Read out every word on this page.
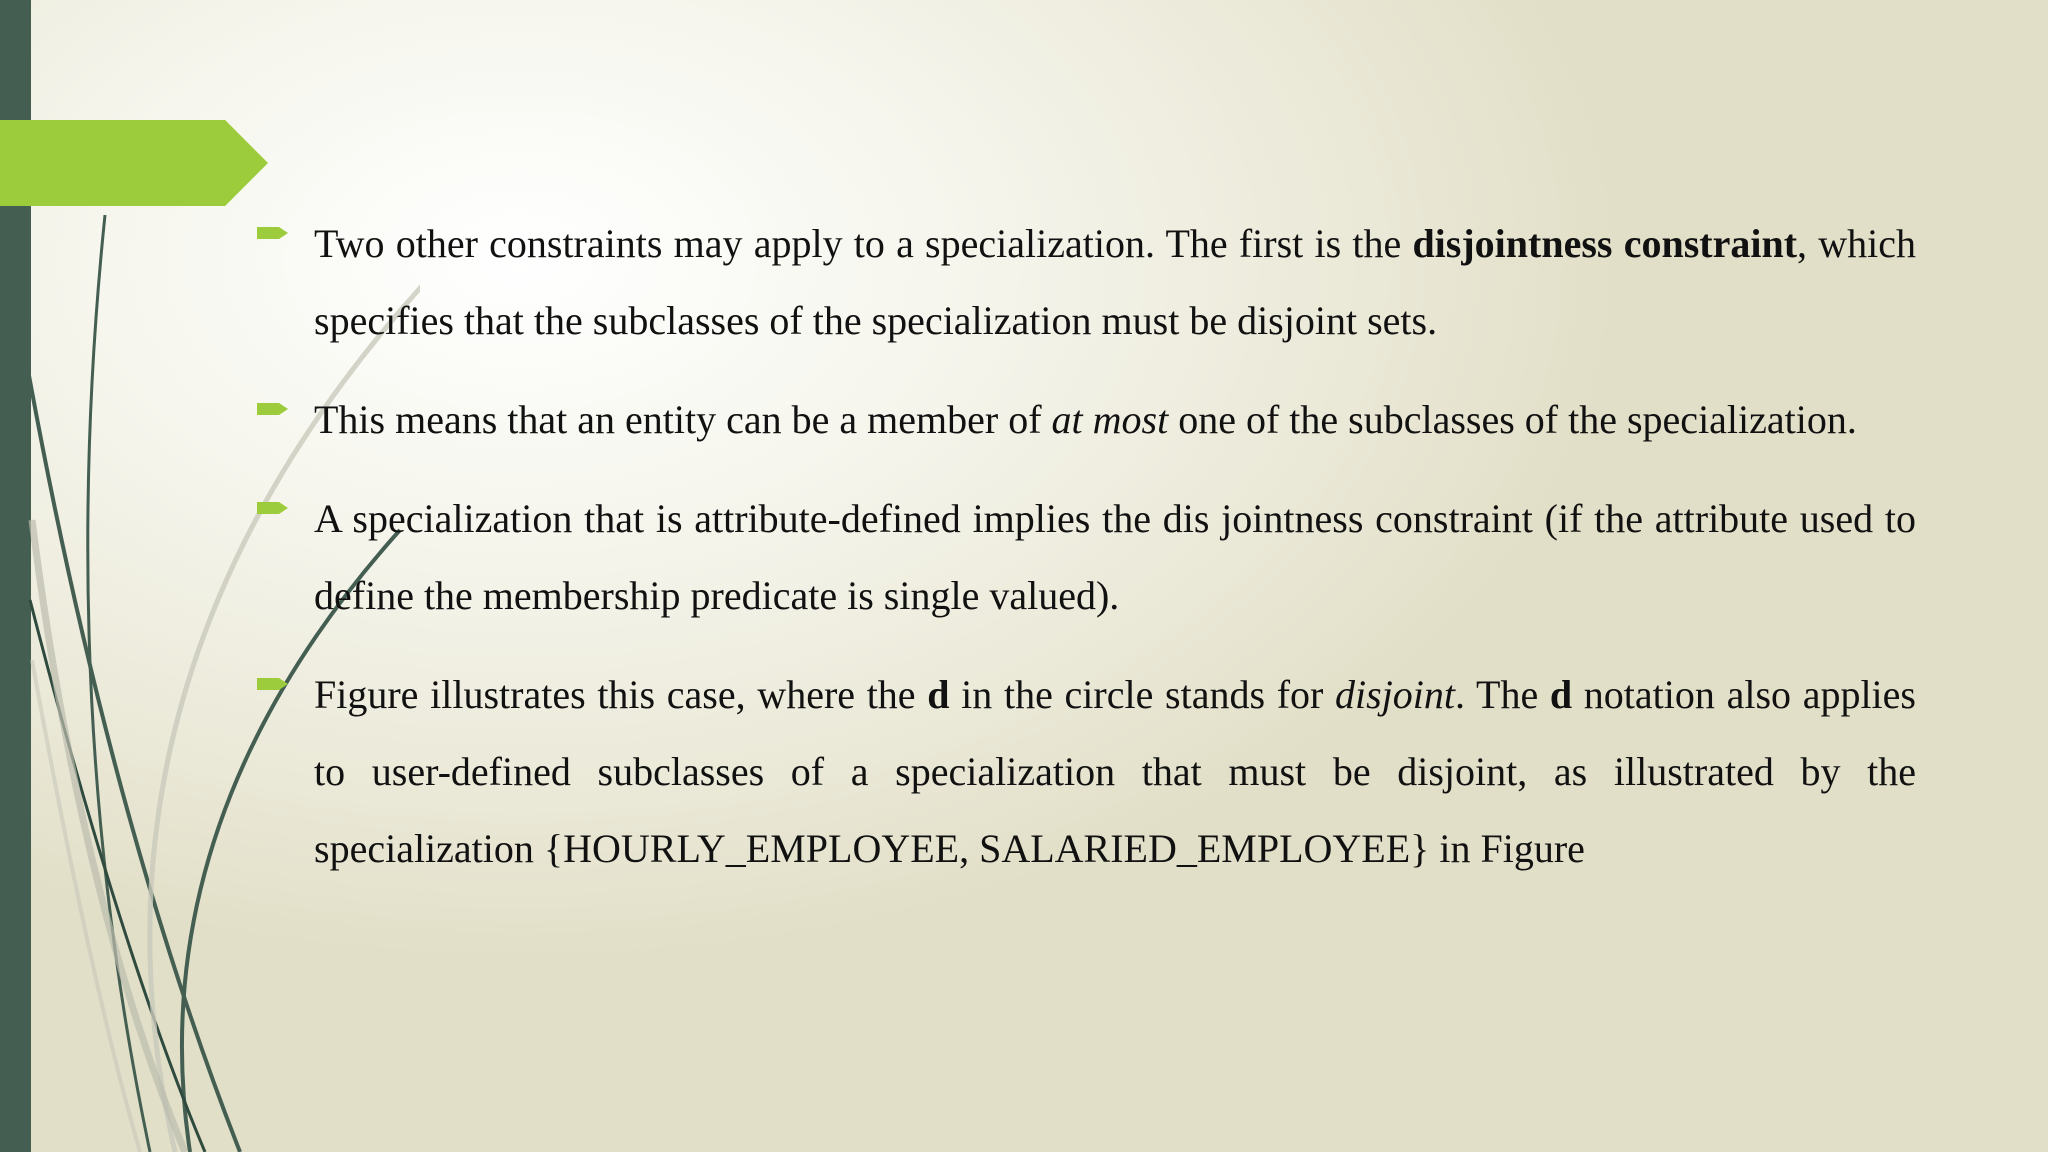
Two other constraints may apply to a specialization. The first is the disjointness constraint, which specifies that the subclasses of the specialization must be disjoint sets.

This means that an entity can be a member of at most one of the subclasses of the specialization.

A specialization that is attribute-defined implies the dis jointness constraint (if the attribute used to define the membership predicate is single valued).

Figure illustrates this case, where the d in the circle stands for disjoint. The d notation also applies to user-defined subclasses of a specialization that must be disjoint, as illustrated by the specialization {HOURLY_EMPLOYEE, SALARIED_EMPLOYEE} in Figure
